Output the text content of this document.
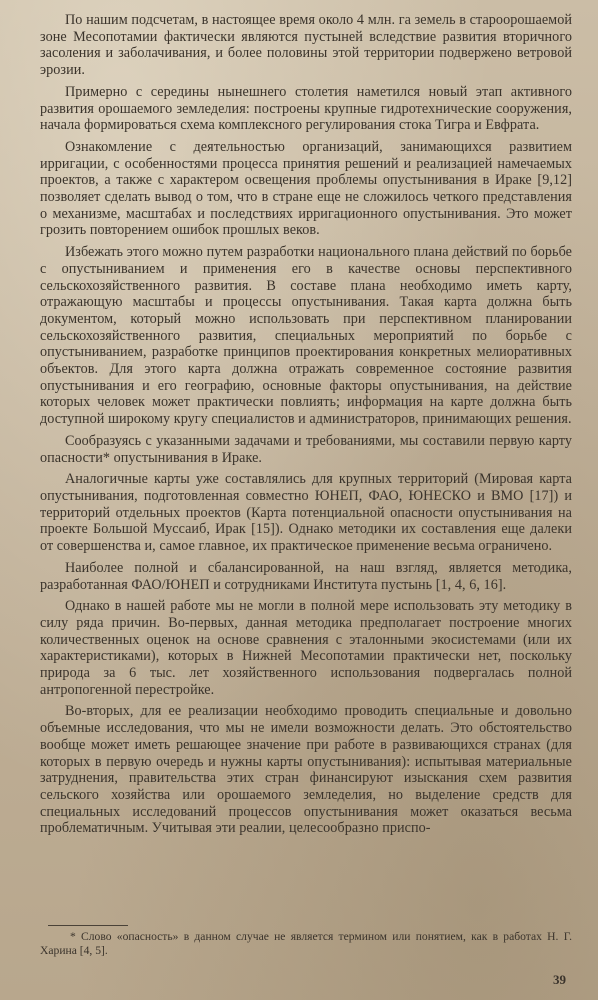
По нашим подсчетам, в настоящее время около 4 млн. га земель в староорошаемой зоне Месопотамии фактически являются пустыней вследствие развития вторичного засоления и заболачивания, и более половины этой территории подвержено ветровой эрозии.

Примерно с середины нынешнего столетия наметился новый этап активного развития орошаемого земледелия: построены крупные гидротехнические сооружения, начала формироваться схема комплексного регулирования стока Тигра и Евфрата.

Ознакомление с деятельностью организаций, занимающихся развитием ирригации, с особенностями процесса принятия решений и реализацией намечаемых проектов, а также с характером освещения проблемы опустынивания в Ираке [9,12] позволяет сделать вывод о том, что в стране еще не сложилось четкого представления о механизме, масштабах и последствиях ирригационного опустынивания. Это может грозить повторением ошибок прошлых веков.

Избежать этого можно путем разработки национального плана действий по борьбе с опустыниванием и применения его в качестве основы перспективного сельскохозяйственного развития. В составе плана необходимо иметь карту, отражающую масштабы и процессы опустынивания. Такая карта должна быть документом, который можно использовать при перспективном планировании сельскохозяйственного развития, специальных мероприятий по борьбе с опустыниванием, разработке принципов проектирования конкретных мелиоративных объектов. Для этого карта должна отражать современное состояние развития опустынивания и его географию, основные факторы опустынивания, на действие которых человек может практически повлиять; информация на карте должна быть доступной широкому кругу специалистов и администраторов, принимающих решения.

Сообразуясь с указанными задачами и требованиями, мы составили первую карту опасности* опустынивания в Ираке.

Аналогичные карты уже составлялись для крупных территорий (Мировая карта опустынивания, подготовленная совместно ЮНЕП, ФАО, ЮНЕСКО и ВМО [17]) и территорий отдельных проектов (Карта потенциальной опасности опустынивания на проекте Большой Муссаиб, Ирак [15]). Однако методики их составления еще далеки от совершенства и, самое главное, их практическое применение весьма ограничено.

Наиболее полной и сбалансированной, на наш взгляд, является методика, разработанная ФАО/ЮНЕП и сотрудниками Института пустынь [1, 4, 6, 16].

Однако в нашей работе мы не могли в полной мере использовать эту методику в силу ряда причин. Во-первых, данная методика предполагает построение многих количественных оценок на основе сравнения с эталонными экосистемами (или их характеристиками), которых в Нижней Месопотамии практически нет, поскольку природа за 6 тыс. лет хозяйственного использования подвергалась полной антропогенной перестройке.

Во-вторых, для ее реализации необходимо проводить специальные и довольно объемные исследования, что мы не имели возможности делать. Это обстоятельство вообще может иметь решающее значение при работе в развивающихся странах (для которых в первую очередь и нужны карты опустынивания): испытывая материальные затруднения, правительства этих стран финансируют изыскания схем развития сельского хозяйства или орошаемого земледелия, но выделение средств для специальных исследований процессов опустынивания может оказаться весьма проблематичным. Учитывая эти реалии, целесообразно приспо-

* Слово «опасность» в данном случае не является термином или понятием, как в работах Н. Г. Харина [4, 5].
39
